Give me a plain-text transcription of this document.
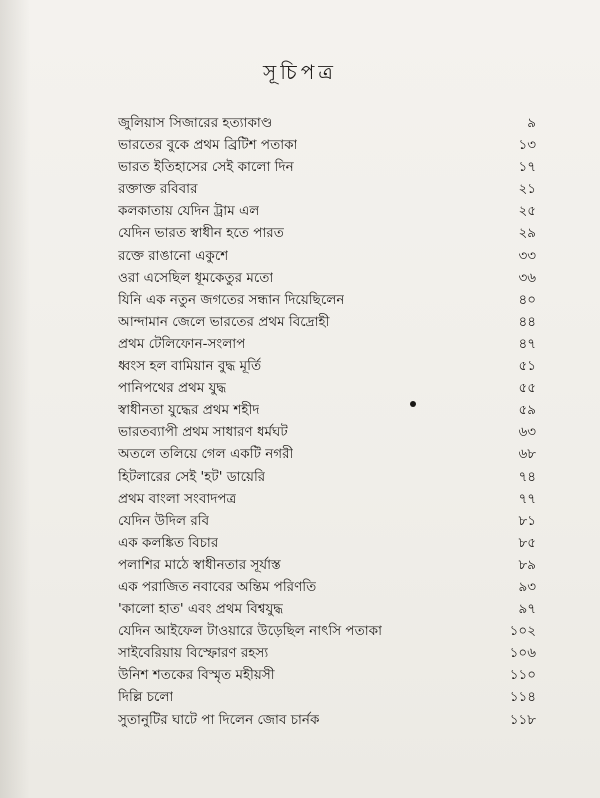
সূচিপত্র
জুলিয়াস সিজারের হত্যাকাণ্ড	৯
ভারতের বুকে প্রথম ব্রিটিশ পতাকা	১৩
ভারত ইতিহাসের সেই কালো দিন	১৭
রক্তাক্ত রবিবার	২১
কলকাতায় যেদিন ট্রাম এল	২৫
যেদিন ভারত স্বাধীন হতে পারত	২৯
রক্তে রাঙানো একুশে	৩৩
ওরা এসেছিল ধূমকেতুর মতো	৩৬
যিনি এক নতুন জগতের সন্ধান দিয়েছিলেন	৪০
আন্দামান জেলে ভারতের প্রথম বিদ্রোহী	৪৪
প্রথম টেলিফোন-সংলাপ	৪৭
ধ্বংস হল বামিয়ান বুদ্ধ মূর্তি	৫১
পানিপথের প্রথম যুদ্ধ	৫৫
স্বাধীনতা যুদ্ধের প্রথম শহীদ	৫৯
ভারতব্যাপী প্রথম সাধারণ ধর্মঘট	৬৩
অতলে তলিয়ে গেল একটি নগরী	৬৮
হিটলারের সেই 'হট' ডায়েরি	৭৪
প্রথম বাংলা সংবাদপত্র	৭৭
যেদিন উদিল রবি	৮১
এক কলঙ্কিত বিচার	৮৫
পলাশির মাঠে স্বাধীনতার সূর্যাস্ত	৮৯
এক পরাজিত নবাবের অন্তিম পরিণতি	৯৩
'কালো হাত' এবং প্রথম বিশ্বযুদ্ধ	৯৭
যেদিন আইফেল টাওয়ারে উড়েছিল নাৎসি পতাকা	১০২
সাইবেরিয়ায় বিস্ফোরণ রহস্য	১০৬
উনিশ শতকের বিস্মৃত মহীয়সী	১১০
দিল্লি চলো	১১৪
সুতানুটির ঘাটে পা দিলেন জোব চার্নক	১১৮
